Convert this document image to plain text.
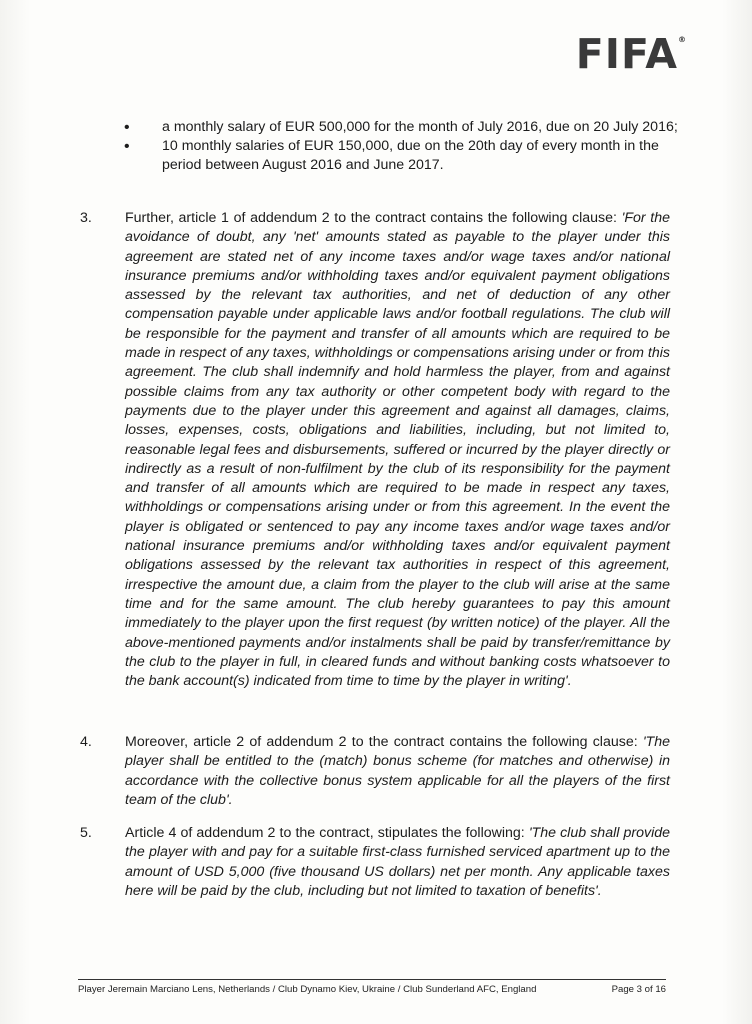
FIFA®
• a monthly salary of EUR 500,000 for the month of July 2016, due on 20 July 2016;
• 10 monthly salaries of EUR 150,000, due on the 20th day of every month in the period between August 2016 and June 2017.
3. Further, article 1 of addendum 2 to the contract contains the following clause: 'For the avoidance of doubt, any 'net' amounts stated as payable to the player under this agreement are stated net of any income taxes and/or wage taxes and/or national insurance premiums and/or withholding taxes and/or equivalent payment obligations assessed by the relevant tax authorities, and net of deduction of any other compensation payable under applicable laws and/or football regulations. The club will be responsible for the payment and transfer of all amounts which are required to be made in respect of any taxes, withholdings or compensations arising under or from this agreement. The club shall indemnify and hold harmless the player, from and against possible claims from any tax authority or other competent body with regard to the payments due to the player under this agreement and against all damages, claims, losses, expenses, costs, obligations and liabilities, including, but not limited to, reasonable legal fees and disbursements, suffered or incurred by the player directly or indirectly as a result of non-fulfilment by the club of its responsibility for the payment and transfer of all amounts which are required to be made in respect any taxes, withholdings or compensations arising under or from this agreement. In the event the player is obligated or sentenced to pay any income taxes and/or wage taxes and/or national insurance premiums and/or withholding taxes and/or equivalent payment obligations assessed by the relevant tax authorities in respect of this agreement, irrespective the amount due, a claim from the player to the club will arise at the same time and for the same amount. The club hereby guarantees to pay this amount immediately to the player upon the first request (by written notice) of the player. All the above-mentioned payments and/or instalments shall be paid by transfer/remittance by the club to the player in full, in cleared funds and without banking costs whatsoever to the bank account(s) indicated from time to time by the player in writing'.
4. Moreover, article 2 of addendum 2 to the contract contains the following clause: 'The player shall be entitled to the (match) bonus scheme (for matches and otherwise) in accordance with the collective bonus system applicable for all the players of the first team of the club'.
5. Article 4 of addendum 2 to the contract, stipulates the following: 'The club shall provide the player with and pay for a suitable first-class furnished serviced apartment up to the amount of USD 5,000 (five thousand US dollars) net per month. Any applicable taxes here will be paid by the club, including but not limited to taxation of benefits'.
Player Jeremain Marciano Lens, Netherlands / Club Dynamo Kiev, Ukraine / Club Sunderland AFC, England	Page 3 of 16
